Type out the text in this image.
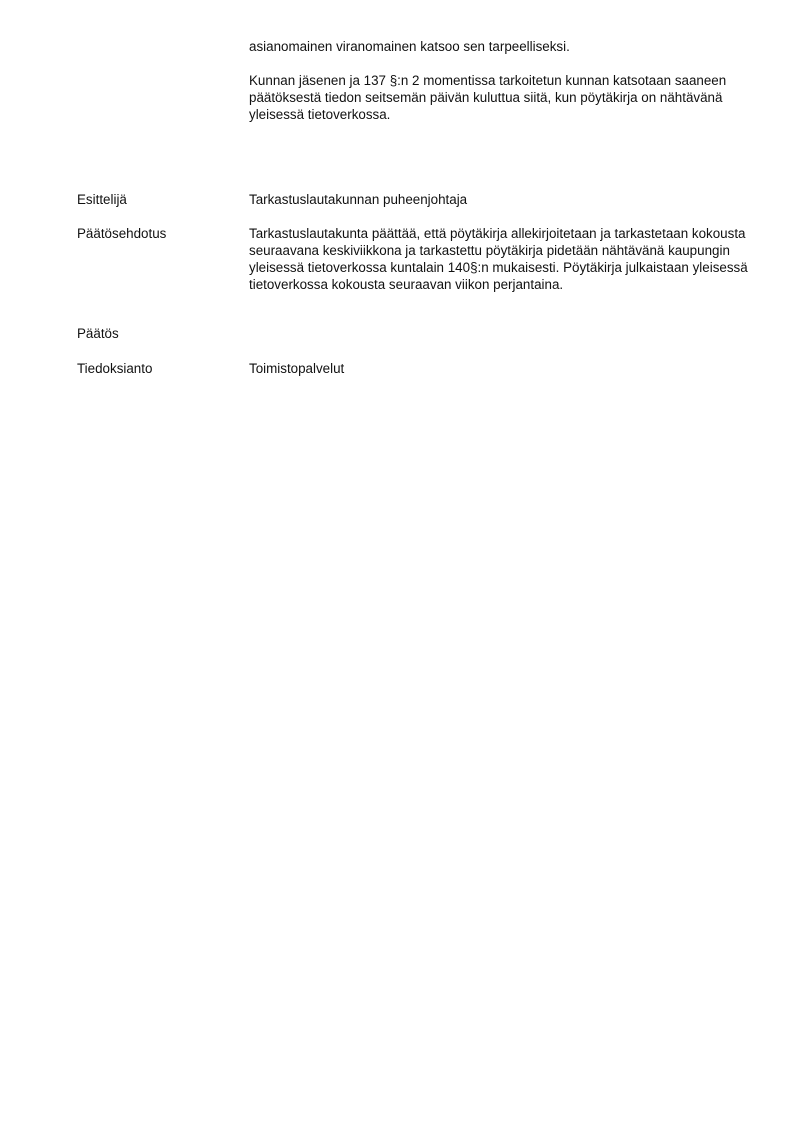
asianomainen viranomainen katsoo sen tarpeelliseksi.

Kunnan jäsenen ja 137 §:n 2 momentissa tarkoitetun kunnan katsotaan saaneen päätöksestä tiedon seitsemän päivän kuluttua siitä, kun pöytäkirja on nähtävänä yleisessä tietoverkossa.

Esittelijä	Tarkastuslautakunnan puheenjohtaja
Päätösehdotus	Tarkastuslautakunta päättää, että pöytäkirja allekirjoitetaan ja tarkastetaan kokousta seuraavana keskiviikkona ja tarkastettu pöytäkirja pidetään nähtävänä kaupungin yleisessä tietoverkossa kuntalain 140§:n mukaisesti. Pöytäkirja julkaistaan yleisessä tietoverkossa kokousta seuraavan viikon perjantaina.
Päätös
Tiedoksianto	Toimistopalvelut
